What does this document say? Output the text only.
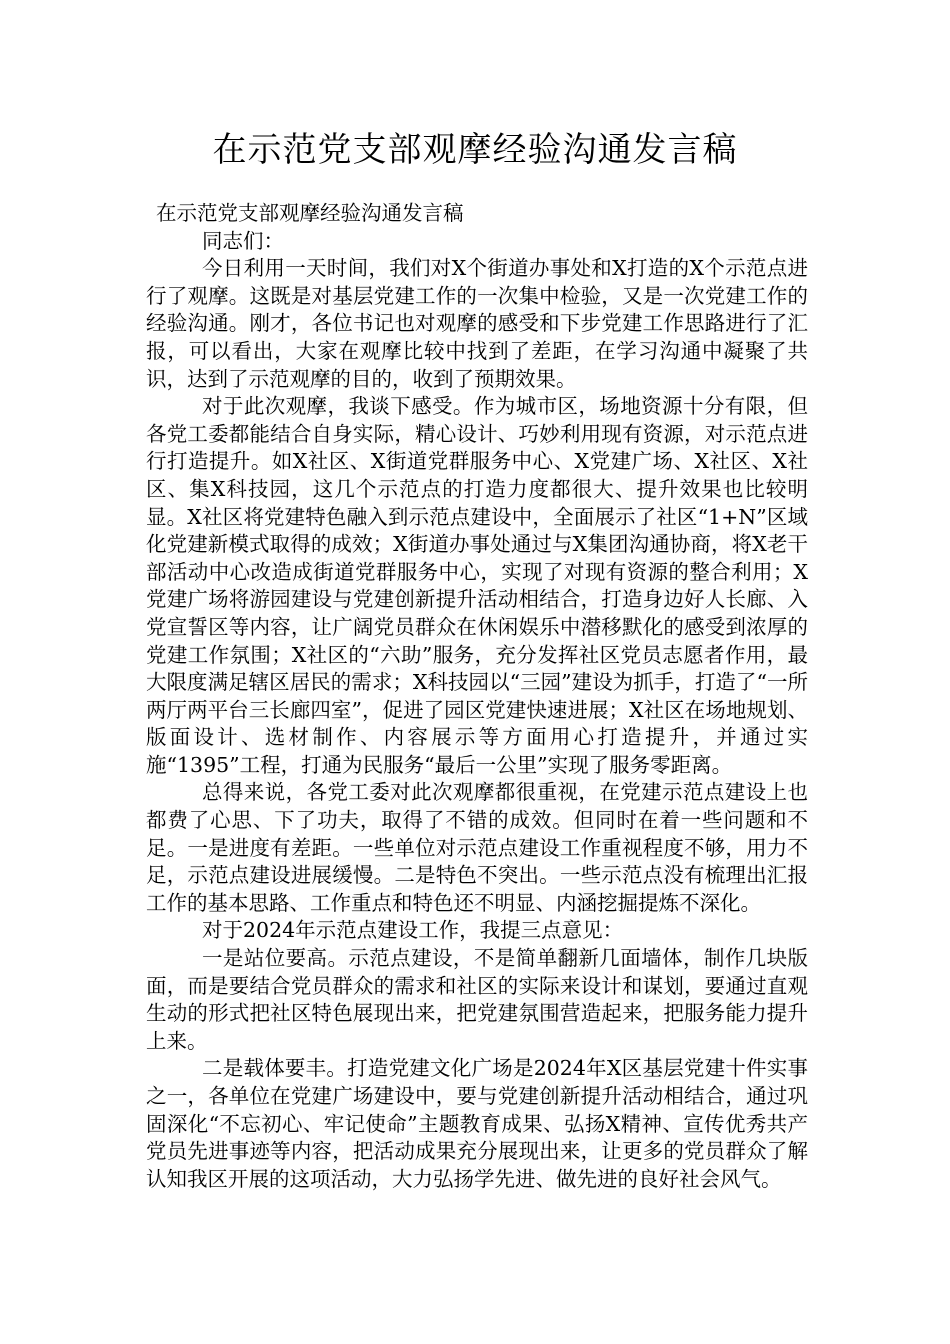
在示范党支部观摩经验沟通发言稿

在示范党支部观摩经验沟通发言稿

同志们：

今日利用一天时间，我们对X个街道办事处和X打造的X个示范点进行了观摩。这既是对基层党建工作的一次集中检验，又是一次党建工作的经验沟通。刚才，各位书记也对观摩的感受和下步党建工作思路进行了汇报，可以看出，大家在观摩比较中找到了差距，在学习沟通中凝聚了共识，达到了示范观摩的目的，收到了预期效果。

对于此次观摩，我谈下感受。作为城市区，场地资源十分有限，但各党工委都能结合自身实际，精心设计、巧妙利用现有资源，对示范点进行打造提升。如X社区、X街道党群服务中心、X党建广场、X社区、X社区、集X科技园，这几个示范点的打造力度都很大、提升效果也比较明显。X社区将党建特色融入到示范点建设中，全面展示了社区“1+N”区域化党建新模式取得的成效；X街道办事处通过与X集团沟通协商，将X老干部活动中心改造成街道党群服务中心，实现了对现有资源的整合利用；X党建广场将游园建设与党建创新提升活动相结合，打造身边好人长廊、入党宣誓区等内容，让广阔党员群众在休闲娱乐中潜移默化的感受到浓厚的党建工作氛围；X社区的“六助”服务，充分发挥社区党员志愿者作用，最大限度满足辖区居民的需求；X科技园以“三园”建设为抓手，打造了“一所两厅两平台三长廊四室”，促进了园区党建快速进展；X社区在场地规划、版面设计、选材制作、内容展示等方面用心打造提升，并通过实施“1395”工程，打通为民服务“最后一公里”实现了服务零距离。

总得来说，各党工委对此次观摩都很重视，在党建示范点建设上也都费了心思、下了功夫，取得了不错的成效。但同时在着一些问题和不足。一是进度有差距。一些单位对示范点建设工作重视程度不够，用力不足，示范点建设进展缓慢。二是特色不突出。一些示范点没有梳理出汇报工作的基本思路、工作重点和特色还不明显、内涵挖掘提炼不深化。

对于2024年示范点建设工作，我提三点意见：

一是站位要高。示范点建设，不是简单翻新几面墙体，制作几块版面，而是要结合党员群众的需求和社区的实际来设计和谋划，要通过直观生动的形式把社区特色展现出来，把党建氛围营造起来，把服务能力提升上来。

二是载体要丰。打造党建文化广场是2024年X区基层党建十件实事之一，各单位在党建广场建设中，要与党建创新提升活动相结合，通过巩固深化“不忘初心、牢记使命”主题教育成果、弘扬X精神、宣传优秀共产党员先进事迹等内容，把活动成果充分展现出来，让更多的党员群众了解认知我区开展的这项活动，大力弘扬学先进、做先进的良好社会风气。
